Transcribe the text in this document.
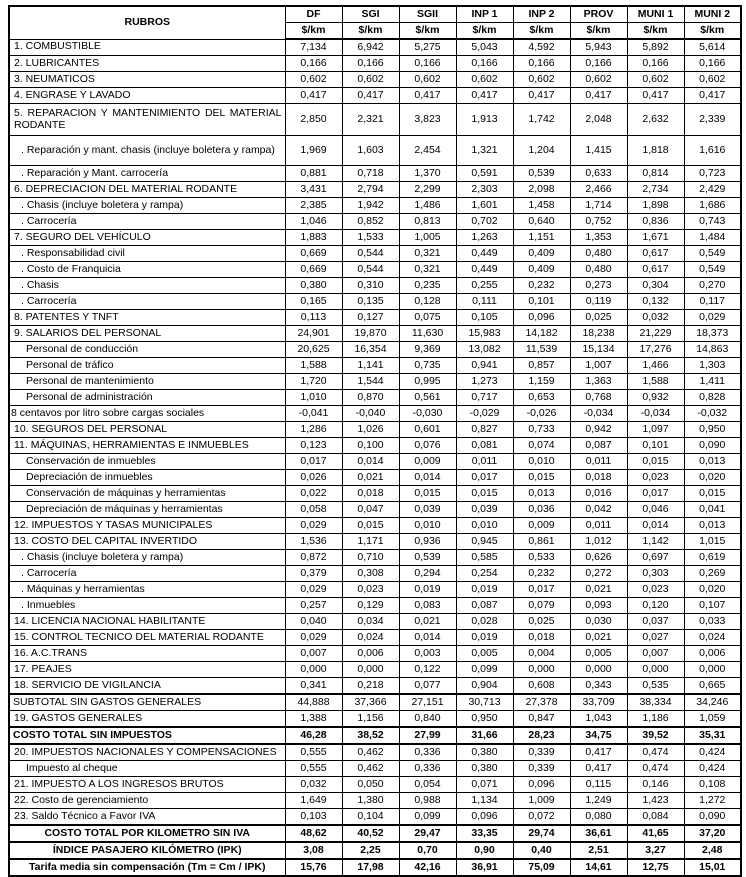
RUBROS	DF	SGI	SGII	INP 1	INP 2	PROV	MUNI 1	MUNI 2
	$/km	$/km	$/km	$/km	$/km	$/km	$/km	$/km
1. COMBUSTIBLE	7,134	6,942	5,275	5,043	4,592	5,943	5,892	5,614
2. LUBRICANTES	0,166	0,166	0,166	0,166	0,166	0,166	0,166	0,166
3. NEUMATICOS	0,602	0,602	0,602	0,602	0,602	0,602	0,602	0,602
4. ENGRASE Y LAVADO	0,417	0,417	0,417	0,417	0,417	0,417	0,417	0,417
5. REPARACION Y MANTENIMIENTO DEL MATERIAL RODANTE	2,850	2,321	3,823	1,913	1,742	2,048	2,632	2,339
. Reparación y mant. chasis (incluye boletera y rampa)	1,969	1,603	2,454	1,321	1,204	1,415	1,818	1,616
. Reparación y Mant. carrocería	0,881	0,718	1,370	0,591	0,539	0,633	0,814	0,723
6. DEPRECIACION DEL MATERIAL RODANTE	3,431	2,794	2,299	2,303	2,098	2,466	2,734	2,429
. Chasis (incluye boletera y rampa)	2,385	1,942	1,486	1,601	1,458	1,714	1,898	1,686
. Carrocería	1,046	0,852	0,813	0,702	0,640	0,752	0,836	0,743
7. SEGURO DEL VEHÍCULO	1,883	1,533	1,005	1,263	1,151	1,353	1,671	1,484
. Responsabilidad civil	0,669	0,544	0,321	0,449	0,409	0,480	0,617	0,549
. Costo de Franquicia	0,669	0,544	0,321	0,449	0,409	0,480	0,617	0,549
. Chasis	0,380	0,310	0,235	0,255	0,232	0,273	0,304	0,270
. Carrocería	0,165	0,135	0,128	0,111	0,101	0,119	0,132	0,117
8. PATENTES Y TNFT	0,113	0,127	0,075	0,105	0,096	0,025	0,032	0,029
9. SALARIOS DEL PERSONAL	24,901	19,870	11,630	15,983	14,182	18,238	21,229	18,373
Personal de conducción	20,625	16,354	9,369	13,082	11,539	15,134	17,276	14,863
Personal de tráfico	1,588	1,141	0,735	0,941	0,857	1,007	1,466	1,303
Personal de mantenimiento	1,720	1,544	0,995	1,273	1,159	1,363	1,588	1,411
Personal de administración	1,010	0,870	0,561	0,717	0,653	0,768	0,932	0,828
8 centavos por litro sobre cargas sociales	-0,041	-0,040	-0,030	-0,029	-0,026	-0,034	-0,034	-0,032
10. SEGUROS DEL PERSONAL	1,286	1,026	0,601	0,827	0,733	0,942	1,097	0,950
11. MÁQUINAS, HERRAMIENTAS E INMUEBLES	0,123	0,100	0,076	0,081	0,074	0,087	0,101	0,090
Conservación de inmuebles	0,017	0,014	0,009	0,011	0,010	0,011	0,015	0,013
Depreciación de inmuebles	0,026	0,021	0,014	0,017	0,015	0,018	0,023	0,020
Conservación de máquinas y herramientas	0,022	0,018	0,015	0,015	0,013	0,016	0,017	0,015
Depreciación de máquinas y herramientas	0,058	0,047	0,039	0,039	0,036	0,042	0,046	0,041
12. IMPUESTOS Y TASAS MUNICIPALES	0,029	0,015	0,010	0,010	0,009	0,011	0,014	0,013
13. COSTO DEL CAPITAL INVERTIDO	1,536	1,171	0,936	0,945	0,861	1,012	1,142	1,015
. Chasis (incluye boletera y rampa)	0,872	0,710	0,539	0,585	0,533	0,626	0,697	0,619
. Carrocería	0,379	0,308	0,294	0,254	0,232	0,272	0,303	0,269
. Máquinas y herramientas	0,029	0,023	0,019	0,019	0,017	0,021	0,023	0,020
. Inmuebles	0,257	0,129	0,083	0,087	0,079	0,093	0,120	0,107
14. LICENCIA NACIONAL HABILITANTE	0,040	0,034	0,021	0,028	0,025	0,030	0,037	0,033
15. CONTROL TECNICO DEL MATERIAL RODANTE	0,029	0,024	0,014	0,019	0,018	0,021	0,027	0,024
16. A.C.TRANS	0,007	0,006	0,003	0,005	0,004	0,005	0,007	0,006
17. PEAJES	0,000	0,000	0,122	0,099	0,000	0,000	0,000	0,000
18. SERVICIO DE VIGILANCIA	0,341	0,218	0,077	0,904	0,608	0,343	0,535	0,665
SUBTOTAL SIN GASTOS GENERALES	44,888	37,366	27,151	30,713	27,378	33,709	38,334	34,246
19. GASTOS GENERALES	1,388	1,156	0,840	0,950	0,847	1,043	1,186	1,059
COSTO TOTAL SIN IMPUESTOS	46,28	38,52	27,99	31,66	28,23	34,75	39,52	35,31
20. IMPUESTOS NACIONALES Y COMPENSACIONES	0,555	0,462	0,336	0,380	0,339	0,417	0,474	0,424
Impuesto al cheque	0,555	0,462	0,336	0,380	0,339	0,417	0,474	0,424
21. IMPUESTO A LOS INGRESOS BRUTOS	0,032	0,050	0,054	0,071	0,096	0,115	0,146	0,108
22. Costo de gerenciamiento	1,649	1,380	0,988	1,134	1,009	1,249	1,423	1,272
23. Saldo Técnico a Favor IVA	0,103	0,104	0,099	0,096	0,072	0,080	0,084	0,090
COSTO TOTAL POR KILOMETRO SIN IVA	48,62	40,52	29,47	33,35	29,74	36,61	41,65	37,20
ÍNDICE PASAJERO KILÓMETRO (IPK)	3,08	2,25	0,70	0,90	0,40	2,51	3,27	2,48
Tarifa media sin compensación (Tm = Cm / IPK)	15,76	17,98	42,16	36,91	75,09	14,61	12,75	15,01
